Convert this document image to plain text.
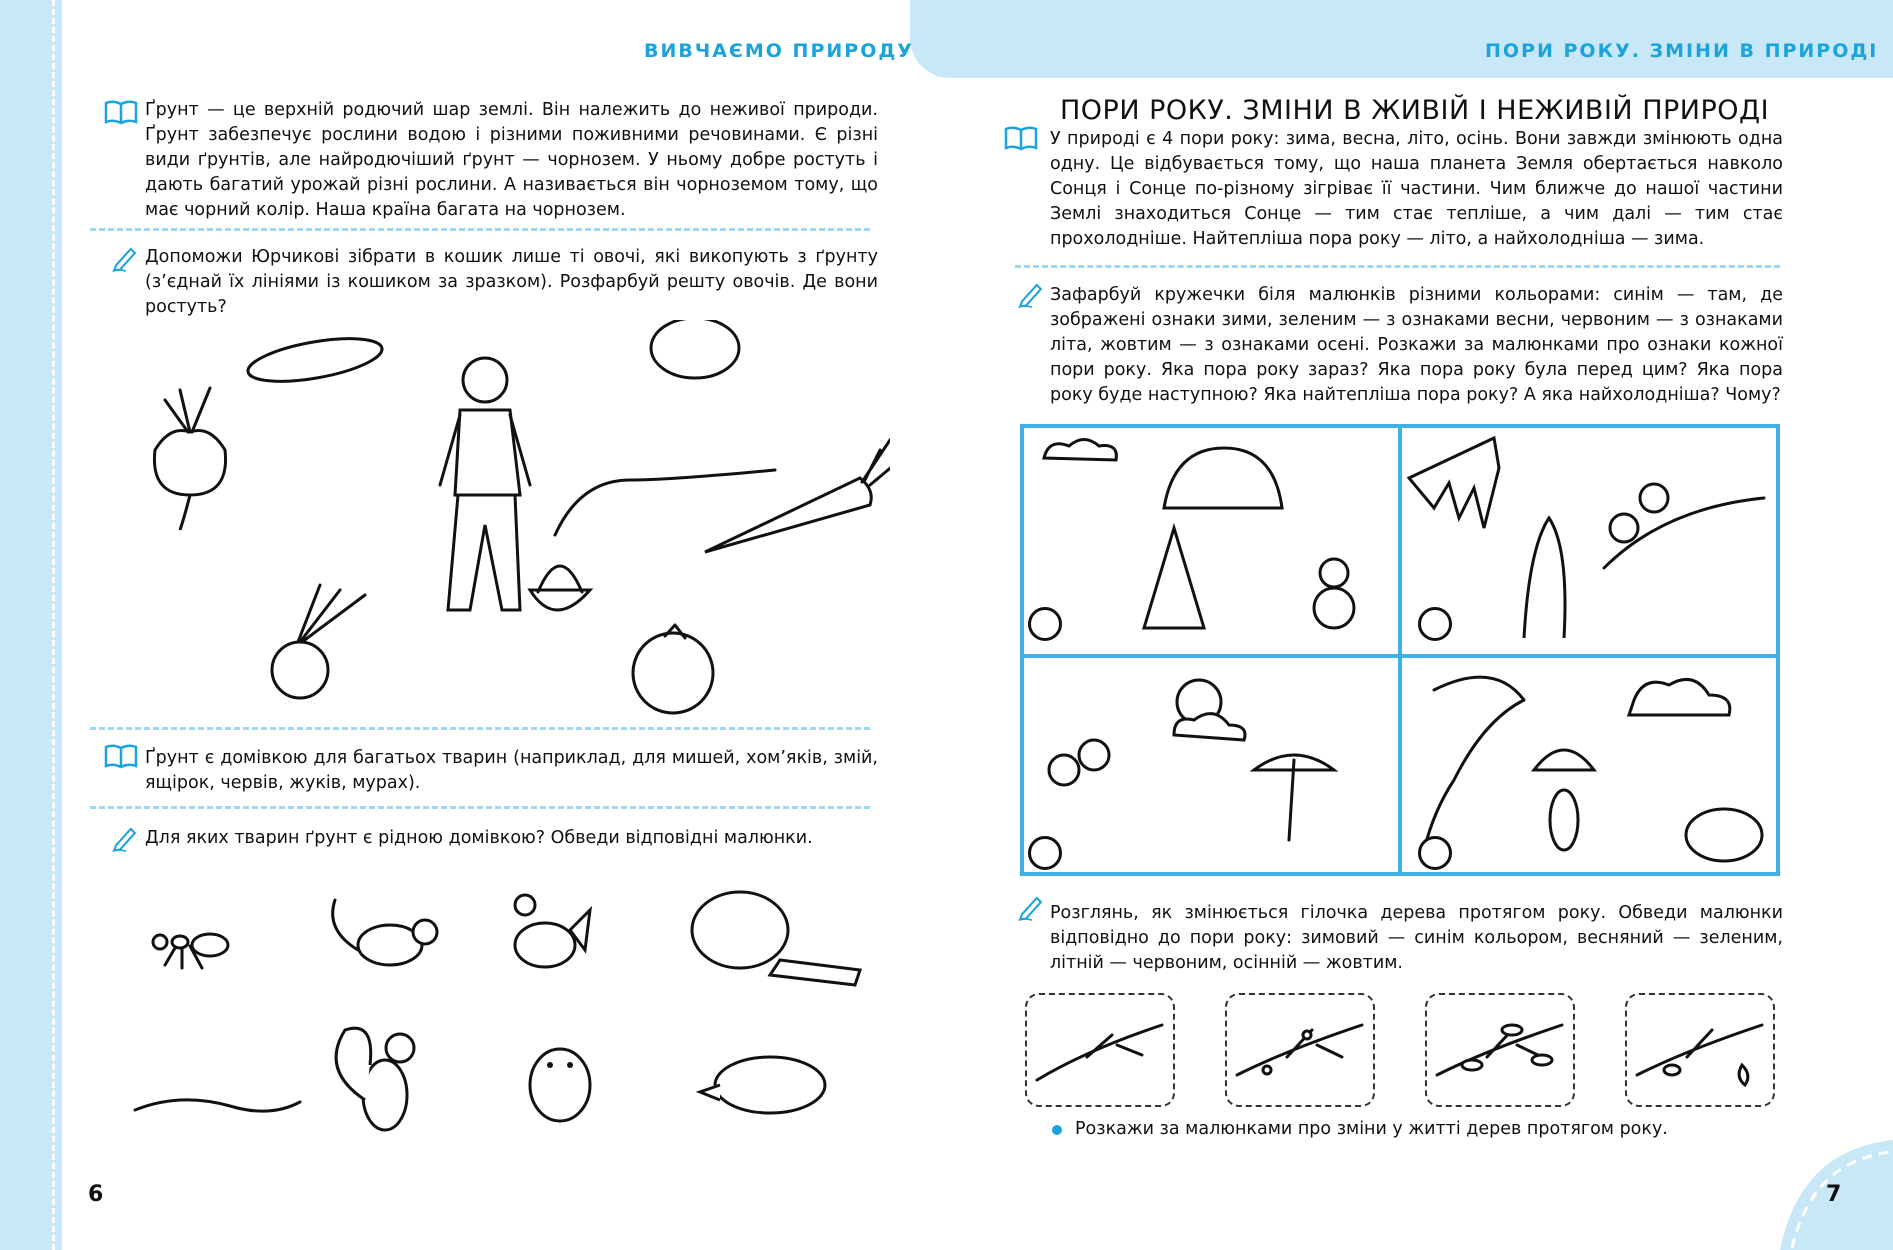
ВИВЧАЄМО ПРИРОДУ	ПОРИ РОКУ. ЗМІНИ В ПРИРОДІ
Ґрунт — це верхній родючий шар землі. Він належить до неживої природи. Ґрунт забезпечує рослини водою і різними поживними речовинами. Є різні види ґрунтів, але найродючіший ґрунт — чорнозем. У ньому добре ростуть і дають багатий урожай різні рослини. А називається він чорноземом тому, що має чорний колір. Наша країна багата на чорнозем.
Допоможи Юрчикові зібрати в кошик лише ті овочі, які викопують з ґрунту (з’єднай їх лініями із кошиком за зразком). Розфарбуй решту овочів. Де вони ростуть?
Ґрунт є домівкою для багатьох тварин (наприклад, для мишей, хом’яків, змій, ящірок, червів, жуків, мурах).
Для яких тварин ґрунт є рідною домівкою? Обведи відповідні малюнки.
6
ПОРИ РОКУ. ЗМІНИ В ЖИВІЙ І НЕЖИВІЙ ПРИРОДІ
У природі є 4 пори року: зима, весна, літо, осінь. Вони завжди змінюють одна одну. Це відбувається тому, що наша планета Земля обертається навколо Сонця і Сонце по-різному зігріває її частини. Чим ближче до нашої частини Землі знаходиться Сонце — тим стає тепліше, а чим далі — тим стає прохолодніше. Найтепліша пора року — літо, а найхолодніша — зима.
Зафарбуй кружечки біля малюнків різними кольорами: синім — там, де зображені ознаки зими, зеленим — з ознаками весни, червоним — з ознаками літа, жовтим — з ознаками осені. Розкажи за малюнками про ознаки кожної пори року. Яка пора року зараз? Яка пора року була перед цим? Яка пора року буде наступною? Яка найтепліша пора року? А яка найхолодніша? Чому?
Розглянь, як змінюється гілочка дерева протягом року. Обведи малюнки відповідно до пори року: зимовий — синім кольором, весняний — зеленим, літній — червоним, осінній — жовтим.
Розкажи за малюнками про зміни у житті дерев протягом року.
7
